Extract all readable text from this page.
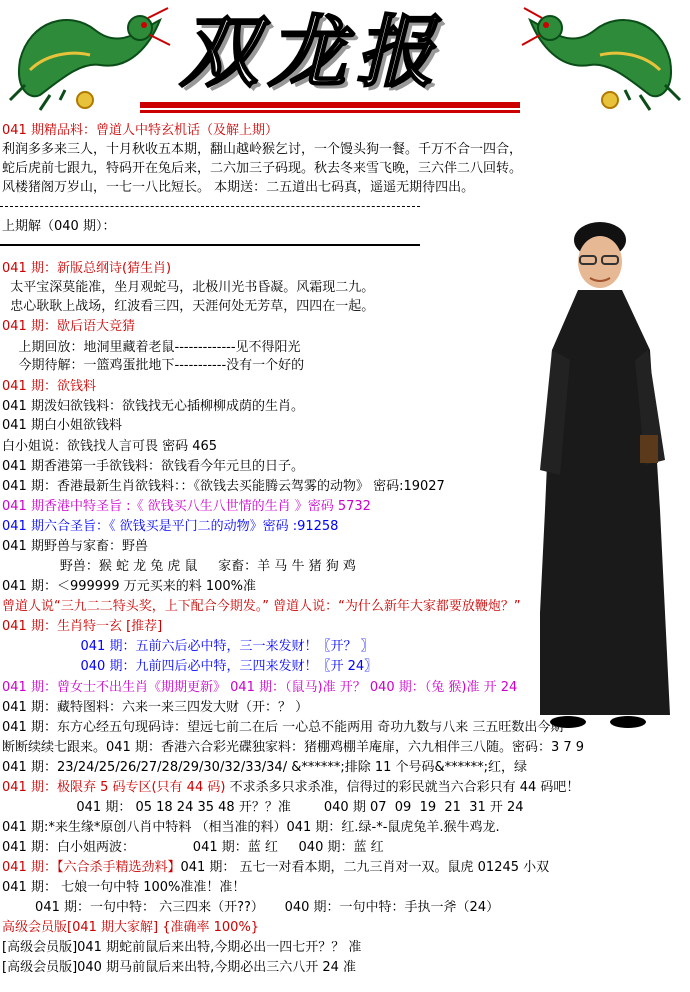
双龙报
041 期精品料：曾道人中特玄机话（及解上期）
利润多多来三人，十月秋收五本期，翻山越岭猴乞讨，一个馒头狗一餐。千万不合一四合，
蛇后虎前七跟九，特码开在兔后来，二六加三子码现。秋去冬来雪飞晚，三六伴二八回转。
风楼猪阁万岁山，一七一八比短长。 本期送：二五道出七码真，遥遥无期待四出。
上期解（040 期）：
041 期：新版总纲诗(猜生肖)
太平宝深莫能准，坐月观蛇马，北极川光书昏凝。风霜现二九。
忠心耿耿上战场，红波看三四，天涯何处无芳草，四四在一起。
041 期：歇后语大竞猜
上期回放：地洞里藏着老鼠-------------见不得阳光
今期待解：一篮鸡蛋批地下-----------没有一个好的
041 期：欲钱料
041 期泼妇欲钱料：欲钱找无心插柳柳成荫的生肖。
041 期白小姐欲钱料
白小姐说：欲钱找人言可畏 密码 465
041 期香港第一手欲钱料：欲钱看今年元旦的日子。
041 期：香港最新生肖欲钱料：：《欲钱去买能腾云驾雾的动物》 密码:19027
041 期香港中特圣旨 :《 欲钱买八生八世情的生肖 》密码 5732
041 期六合圣旨：《 欲钱买是平门二的动物》密码 :91258
041 期野兽与家畜：野兽
野兽：猴 蛇 龙 兔 虎 鼠     家畜：羊 马 牛 猪 狗 鸡
041 期：＜999999 万元买来的料 100%准
曾道人说“三九二二特头奖，上下配合今期发。” 曾道人说：“为什么新年大家都要放鞭炮？”
041 期：生肖特一玄 [推荐]
041 期：五前六后必中特，三一来发财！〖开？ 〗
040 期：九前四后必中特，三四来发财！〖开 24〗
041 期：曾女士不出生肖《期期更新》 041 期：（鼠马)准 开？ 040 期：（兔 猴)准 开 24
041 期：藏特图料：六来一来三四发大财（开：？ ）
041 期：东方心经五句现码诗：望远七前二在后 一心总不能两用 奇功九数与八来 三五旺数出今期
断断续续七跟来。041 期：香港六合彩光碟独家料：猪棚鸡棚羊庵扉，六九相伴三八随。密码：3 7 9
041 期：23/24/25/26/27/28/29/30/32/33/34/ &******;排除 11 个号码&******;红，绿
041 期：极限弃 5 码专区(只有 44 码) 不求杀多只求杀准，信得过的彩民就当六合彩只有 44 码吧！
041 期： 05 18 24 35 48 开？？准        040 期 07  09  19  21  31 开 24
041 期:*来生缘*原创八肖中特料 （相当准的料）041 期：红.绿-*-鼠虎兔羊.猴牛鸡龙.
041 期：白小姐两波：              041 期：蓝 红     040 期：蓝 红
041 期：【六合杀手精选劲料】041 期： 五七一对看本期，二九三肖对一双。鼠虎 01245 小双
041 期： 七娘一句中特 100%准准！准！
041 期：一句中特： 六三四来（开??）     040 期：一句中特：手执一斧（24）
高级会员版[041 期大家解] {准确率 100%}
[高级会员版]041 期蛇前鼠后来出特,今期必出一四七开？？ 准
[高级会员版]040 期马前鼠后来出特,今期必出三六八开 24 准
